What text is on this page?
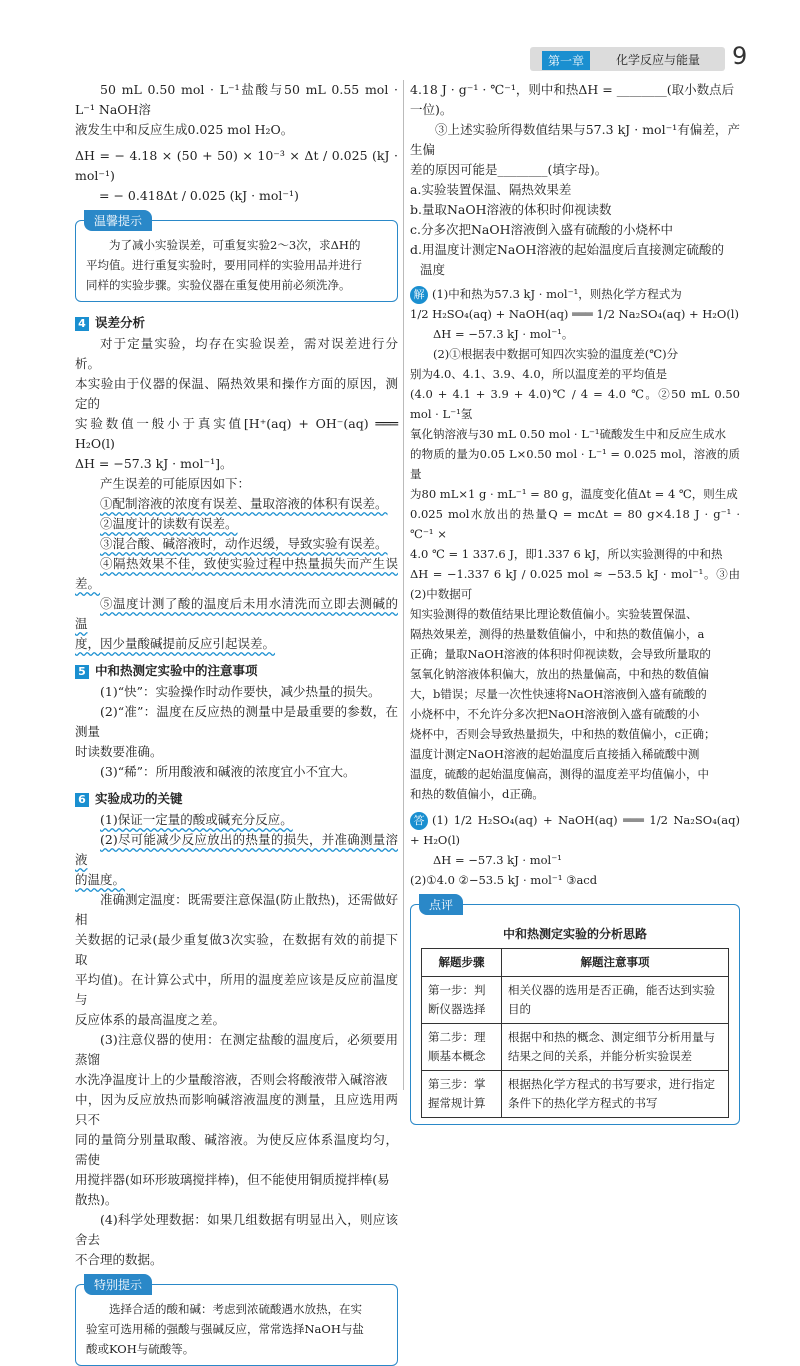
第一章	化学反应与能量 9

50 mL 0.50 mol · L⁻¹盐酸与50 mL 0.55 mol · L⁻¹ NaOH溶

液发生中和反应生成0.025 mol H₂O。

ΔH = − 4.18 × (50 + 50) × 10⁻³ × Δt / 0.025 (kJ · mol⁻¹)

= − 0.418Δt / 0.025 (kJ · mol⁻¹)

温馨提示

为了减小实验误差，可重复实验2～3次，求ΔH的

平均值。进行重复实验时，要用同样的实验用品并进行

同样的实验步骤。实验仪器在重复使用前必须洗净。

4 误差分析

对于定量实验，均存在实验误差，需对误差进行分析。

本实验由于仪器的保温、隔热效果和操作方面的原因，测定的

实验数值一般小于真实值[H⁺(aq) + OH⁻(aq) ═══ H₂O(l)

ΔH = −57.3 kJ · mol⁻¹]。

产生误差的可能原因如下：

①配制溶液的浓度有误差、量取溶液的体积有误差。

②温度计的读数有误差。

③混合酸、碱溶液时，动作迟缓，导致实验有误差。

④隔热效果不佳，致使实验过程中热量损失而产生误差。

⑤温度计测了酸的温度后未用水清洗而立即去测碱的温

度，因少量酸碱提前反应引起误差。

5 中和热测定实验中的注意事项

(1)“快”：实验操作时动作要快，减少热量的损失。

(2)“准”：温度在反应热的测量中是最重要的参数，在测量

时读数要准确。

(3)“稀”：所用酸液和碱液的浓度宜小不宜大。

6 实验成功的关键

(1)保证一定量的酸或碱充分反应。

(2)尽可能减少反应放出的热量的损失，并准确测量溶液

的温度。

准确测定温度：既需要注意保温(防止散热)，还需做好相

关数据的记录(最少重复做3次实验，在数据有效的前提下取

平均值)。在计算公式中，所用的温度差应该是反应前温度与

反应体系的最高温度之差。

(3)注意仪器的使用：在测定盐酸的温度后，必须要用蒸馏

水洗净温度计上的少量酸溶液，否则会将酸液带入碱溶液

中，因为反应放热而影响碱溶液温度的测量，且应选用两只不

同的量筒分别量取酸、碱溶液。为使反应体系温度均匀，需使

用搅拌器(如环形玻璃搅拌棒)，但不能使用铜质搅拌棒(易

散热)。

(4)科学处理数据：如果几组数据有明显出入，则应该舍去

不合理的数据。

特别提示

选择合适的酸和碱：考虑到浓硫酸遇水放热，在实

验室可选用稀的强酸与强碱反应，常常选择NaOH与盐

酸或KOH与硫酸等。

4.18 J · g⁻¹ · ℃⁻¹，则中和热ΔH = ________(取小数点后

一位)。

③上述实验所得数值结果与57.3 kJ · mol⁻¹有偏差，产生偏

差的原因可能是________(填字母)。

a.实验装置保温、隔热效果差

b.量取NaOH溶液的体积时仰视读数

c.分多次把NaOH溶液倒入盛有硫酸的小烧杯中

d.用温度计测定NaOH溶液的起始温度后直接测定硫酸的

温度

解 (1)中和热为57.3 kJ · mol⁻¹，则热化学方程式为

1/2 H₂SO₄(aq) + NaOH(aq) ═══ 1/2 Na₂SO₄(aq) + H₂O(l)

ΔH = −57.3 kJ · mol⁻¹。

(2)①根据表中数据可知四次实验的温度差(℃)分

别为4.0、4.1、3.9、4.0，所以温度差的平均值是

(4.0 + 4.1 + 3.9 + 4.0)℃ / 4 = 4.0 ℃。②50 mL 0.50 mol · L⁻¹氢

氧化钠溶液与30 mL 0.50 mol · L⁻¹硫酸发生中和反应生成水

的物质的量为0.05 L×0.50 mol · L⁻¹ = 0.025 mol，溶液的质量

为80 mL×1 g · mL⁻¹ = 80 g，温度变化值Δt = 4 ℃，则生成

0.025 mol水放出的热量Q = mcΔt = 80 g×4.18 J · g⁻¹ · ℃⁻¹ ×

4.0 ℃ = 1 337.6 J，即1.337 6 kJ，所以实验测得的中和热

ΔH = −1.337 6 kJ / 0.025 mol ≈ −53.5 kJ · mol⁻¹。③由(2)中数据可

知实验测得的数值结果比理论数值偏小。实验装置保温、

隔热效果差，测得的热量数值偏小，中和热的数值偏小，a

正确；量取NaOH溶液的体积时仰视读数，会导致所量取的

氢氧化钠溶液体积偏大，放出的热量偏高，中和热的数值偏

大，b错误；尽量一次性快速将NaOH溶液倒入盛有硫酸的

小烧杯中，不允许分多次把NaOH溶液倒入盛有硫酸的小

烧杯中，否则会导致热量损失，中和热的数值偏小，c正确；

温度计测定NaOH溶液的起始温度后直接插入稀硫酸中测

温度，硫酸的起始温度偏高，测得的温度差平均值偏小，中

和热的数值偏小，d正确。

答 (1) 1/2 H₂SO₄(aq) + NaOH(aq) ═══ 1/2 Na₂SO₄(aq) + H₂O(l)

ΔH = −57.3 kJ · mol⁻¹

(2)①4.0 ②−53.5 kJ · mol⁻¹ ③acd

点评
中和热测定实验的分析思路
解题步骤	解题注意事项
第一步：判断仪器选择	相关仪器的选用是否正确，能否达到实验目的
第二步：理顺基本概念	根据中和热的概念、测定细节分析用量与结果之间的关系，并能分析实验误差
第三步：掌握常规计算	根据热化学方程式的书写要求，进行指定条件下的热化学方程式的书写
